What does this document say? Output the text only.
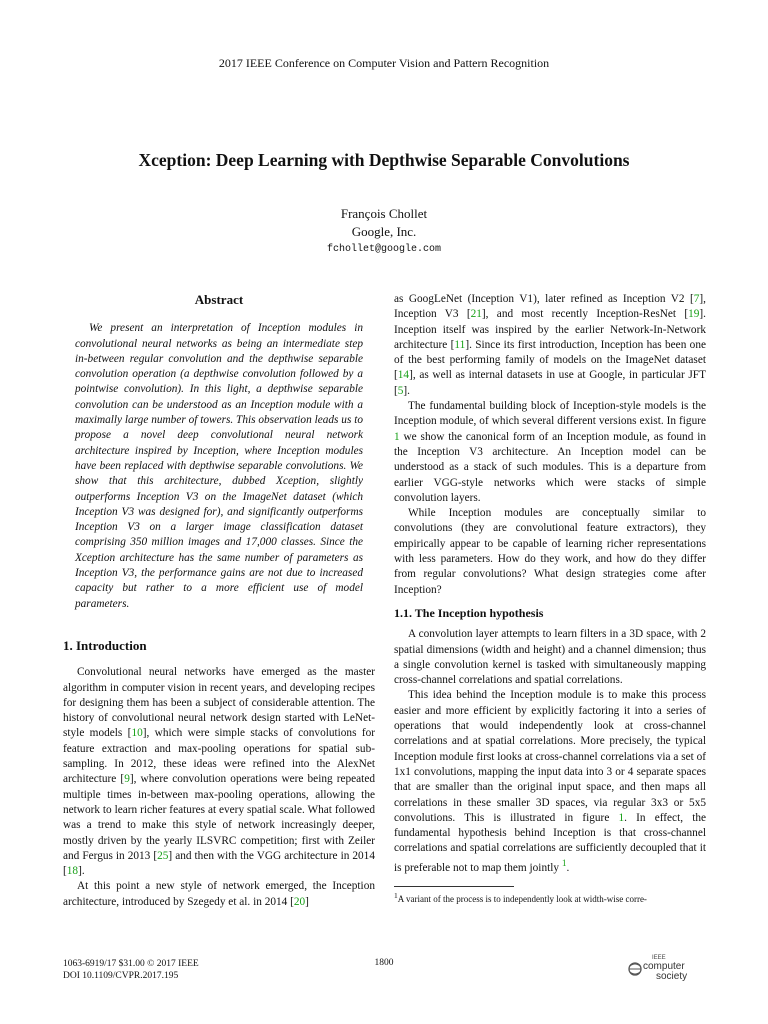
2017 IEEE Conference on Computer Vision and Pattern Recognition
Xception: Deep Learning with Depthwise Separable Convolutions
François Chollet
Google, Inc.
fchollet@google.com
Abstract

We present an interpretation of Inception modules in convolutional neural networks as being an intermediate step in-between regular convolution and the depthwise separable convolution operation (a depthwise convolution followed by a pointwise convolution). In this light, a depthwise separable convolution can be understood as an Inception module with a maximally large number of towers. This observation leads us to propose a novel deep convolutional neural network architecture inspired by Inception, where Inception modules have been replaced with depthwise separable convolutions. We show that this architecture, dubbed Xception, slightly outperforms Inception V3 on the ImageNet dataset (which Inception V3 was designed for), and significantly outperforms Inception V3 on a larger image classification dataset comprising 350 million images and 17,000 classes. Since the Xception architecture has the same number of parameters as Inception V3, the performance gains are not due to increased capacity but rather to a more efficient use of model parameters.

1. Introduction

Convolutional neural networks have emerged as the master algorithm in computer vision in recent years, and developing recipes for designing them has been a subject of considerable attention. The history of convolutional neural network design started with LeNet-style models [10], which were simple stacks of convolutions for feature extraction and max-pooling operations for spatial sub-sampling. In 2012, these ideas were refined into the AlexNet architecture [9], where convolution operations were being repeated multiple times in-between max-pooling operations, allowing the network to learn richer features at every spatial scale. What followed was a trend to make this style of network increasingly deeper, mostly driven by the yearly ILSVRC competition; first with Zeiler and Fergus in 2013 [25] and then with the VGG architecture in 2014 [18].

At this point a new style of network emerged, the Inception architecture, introduced by Szegedy et al. in 2014 [20]

as GoogLeNet (Inception V1), later refined as Inception V2 [7], Inception V3 [21], and most recently Inception-ResNet [19]. Inception itself was inspired by the earlier Network-In-Network architecture [11]. Since its first introduction, Inception has been one of the best performing family of models on the ImageNet dataset [14], as well as internal datasets in use at Google, in particular JFT [5].

The fundamental building block of Inception-style models is the Inception module, of which several different versions exist. In figure 1 we show the canonical form of an Inception module, as found in the Inception V3 architecture. An Inception model can be understood as a stack of such modules. This is a departure from earlier VGG-style networks which were stacks of simple convolution layers.

While Inception modules are conceptually similar to convolutions (they are convolutional feature extractors), they empirically appear to be capable of learning richer representations with less parameters. How do they work, and how do they differ from regular convolutions? What design strategies come after Inception?

1.1. The Inception hypothesis

A convolution layer attempts to learn filters in a 3D space, with 2 spatial dimensions (width and height) and a channel dimension; thus a single convolution kernel is tasked with simultaneously mapping cross-channel correlations and spatial correlations.

This idea behind the Inception module is to make this process easier and more efficient by explicitly factoring it into a series of operations that would independently look at cross-channel correlations and at spatial correlations. More precisely, the typical Inception module first looks at cross-channel correlations via a set of 1x1 convolutions, mapping the input data into 3 or 4 separate spaces that are smaller than the original input space, and then maps all correlations in these smaller 3D spaces, via regular 3x3 or 5x5 convolutions. This is illustrated in figure 1. In effect, the fundamental hypothesis behind Inception is that cross-channel correlations and spatial correlations are sufficiently decoupled that it is preferable not to map them jointly $^1$.

$^1$A variant of the process is to independently look at width-wise corre-
1063-6919/17 $31.00 © 2017 IEEE
DOI 10.1109/CVPR.2017.195
1800	IEEE
computer
society
